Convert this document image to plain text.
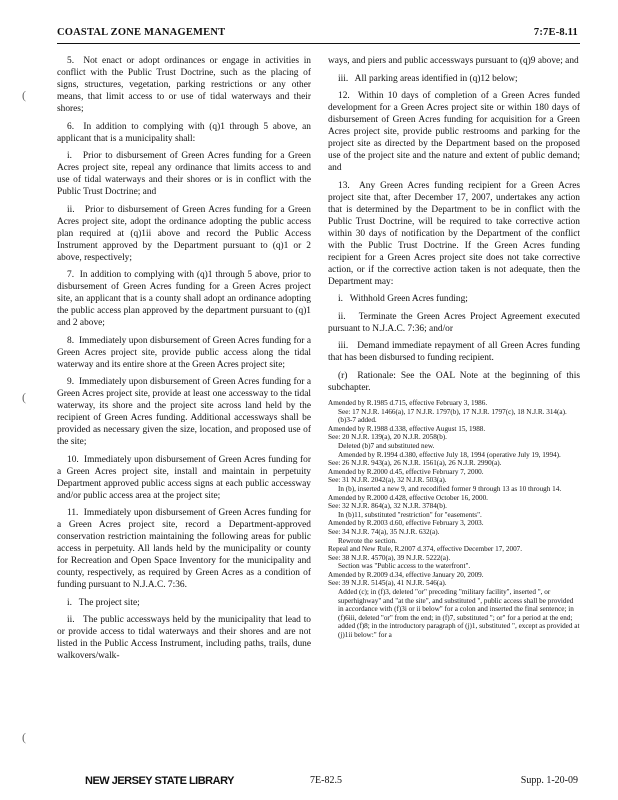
COASTAL ZONE MANAGEMENT	7:7E-8.11

5.  Not enact or adopt ordinances or engage in activities in conflict with the Public Trust Doctrine, such as the placing of signs, structures, vegetation, parking restrictions or any other means, that limit access to or use of tidal waterways and their shores;

6.  In addition to complying with (q)1 through 5 above, an applicant that is a municipality shall:

i.   Prior to disbursement of Green Acres funding for a Green Acres project site, repeal any ordinance that limits access to and use of tidal waterways and their shores or is in conflict with the Public Trust Doctrine; and

ii.   Prior to disbursement of Green Acres funding for a Green Acres project site, adopt the ordinance adopting the public access plan required at (q)1ii above and record the Public Access Instrument approved by the Department pursuant to (q)1 or 2 above, respectively;

7.  In addition to complying with (q)1 through 5 above, prior to disbursement of Green Acres funding for a Green Acres project site, an applicant that is a county shall adopt an ordinance adopting the public access plan approved by the department pursuant to (q)1 and 2 above;

8.  Immediately upon disbursement of Green Acres funding for a Green Acres project site, provide public access along the tidal waterway and its entire shore at the Green Acres project site;

9.  Immediately upon disbursement of Green Acres funding for a Green Acres project site, provide at least one accessway to the tidal waterway, its shore and the project site across land held by the recipient of Green Acres funding. Additional accessways shall be provided as necessary given the size, location, and proposed use of the site;

10.  Immediately upon disbursement of Green Acres funding for a Green Acres project site, install and maintain in perpetuity Department approved public access signs at each public accessway and/or public access area at the project site;

11.  Immediately upon disbursement of Green Acres funding for a Green Acres project site, record a Department-approved conservation restriction maintaining the following areas for public access in perpetuity. All lands held by the municipality or county for Recreation and Open Space Inventory for the municipality and county, respectively, as required by Green Acres as a condition of funding pursuant to N.J.A.C. 7:36.

i.   The project site;

ii.   The public accessways held by the municipality that lead to or provide access to tidal waterways and their shores and are not listed in the Public Access Instrument, including paths, trails, dune walkovers/walk-

ways, and piers and public accessways pursuant to (q)9 above; and

iii.   All parking areas identified in (q)12 below;

12.  Within 10 days of completion of a Green Acres funded development for a Green Acres project site or within 180 days of disbursement of Green Acres funding for acquisition for a Green Acres project site, provide public restrooms and parking for the project site as directed by the Department based on the proposed use of the project site and the nature and extent of public demand; and

13.  Any Green Acres funding recipient for a Green Acres project site that, after December 17, 2007, undertakes any action that is determined by the Department to be in conflict with the Public Trust Doctrine, will be required to take corrective action within 30 days of notification by the Department of the conflict with the Public Trust Doctrine. If the Green Acres funding recipient for a Green Acres project site does not take corrective action, or if the corrective action taken is not adequate, then the Department may:

i.   Withhold Green Acres funding;

ii.   Terminate the Green Acres Project Agreement executed pursuant to N.J.A.C. 7:36; and/or

iii.   Demand immediate repayment of all Green Acres funding that has been disbursed to funding recipient.

(r)  Rationale: See the OAL Note at the beginning of this subchapter.

Amended by R.1985 d.715, effective February 3, 1986.
See: 17 N.J.R. 1466(a), 17 N.J.R. 1797(b), 17 N.J.R. 1797(c), 18 N.J.R. 314(a).
(b)3-7 added.
Amended by R.1988 d.338, effective August 15, 1988.
See: 20 N.J.R. 139(a), 20 N.J.R. 2058(b).
Deleted (b)7 and substituted new.
Amended by R.1994 d.380, effective July 18, 1994 (operative July 19, 1994).
See: 26 N.J.R. 943(a), 26 N.J.R. 1561(a), 26 N.J.R. 2990(a).
Amended by R.2000 d.45, effective February 7, 2000.
See: 31 N.J.R. 2042(a), 32 N.J.R. 503(a).
In (b), inserted a new 9, and recodified former 9 through 13 as 10 through 14.
Amended by R.2000 d.428, effective October 16, 2000.
See: 32 N.J.R. 864(a), 32 N.J.R. 3784(b).
In (b)11, substituted "restriction" for "easements".
Amended by R.2003 d.60, effective February 3, 2003.
See: 34 N.J.R. 74(a), 35 N.J.R. 632(a).
Rewrote the section.
Repeal and New Rule, R.2007 d.374, effective December 17, 2007.
See: 38 N.J.R. 4570(a), 39 N.J.R. 5222(a).
Section was "Public access to the waterfront".
Amended by R.2009 d.34, effective January 20, 2009.
See: 39 N.J.R. 5145(a), 41 N.J.R. 546(a).
Added (c); in (f)3, deleted "or" preceding "military facility", inserted ", or superhighway" and "at the site", and substituted ", public access shall be provided in accordance with (f)3i or ii below" for a colon and inserted the final sentence; in (f)6iii, deleted "or" from the end; in (f)7, substituted "; or" for a period at the end; added (f)8; in the introductory paragraph of (j)1, substituted ", except as provided at (j)1ii below:" for a
NEW JERSEY STATE LIBRARY	7E-82.5	Supp. 1-20-09
(
(
(
